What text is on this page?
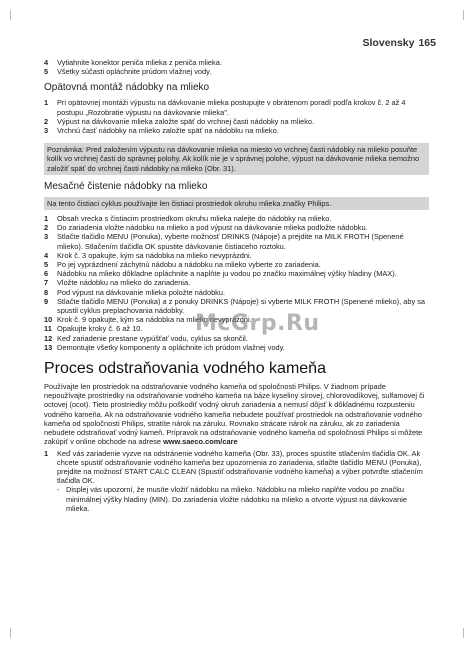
Slovensky 165
4	Vytiahnite konektor peniča mlieka z peniča mlieka.
5	Všetky súčasti opláchnite prúdom vlažnej vody.
Opätovná montáž nádobky na mlieko
1	Pri opätovnej montáži výpustu na dávkovanie mlieka postupujte v obrátenom poradí podľa krokov č. 2 až 4 postupu „Rozobratie výpustu na dávkovanie mlieka".
2	Výpust na dávkovanie mlieka založte späť do vrchnej časti nádobky na mlieko.
3	Vrchnú časť nádobky na mlieko založte späť na nádobku na mlieko.
Poznámka: Pred založením výpustu na dávkovanie mlieka na miesto vo vrchnej časti nádobky na mlieko posuňte kolík vo vrchnej časti do správnej polohy. Ak kolík nie je v správnej polohe, výpust na dávkovanie mlieka nemožno založiť späť do vrchnej časti nádobky na mlieko (Obr. 31).
Mesačné čistenie nádobky na mlieko
Na tento čistiaci cyklus používajte len čistiaci prostriedok okruhu mlieka značky Philips.
1	Obsah vrecka s čistiacim prostriedkom okruhu mlieka nalejte do nádobky na mlieko.
2	Do zariadenia vložte nádobku na mlieko a pod výpust na dávkovanie mlieka podložte nádobku.
3	Stlačte tlačidlo MENU (Ponuka), vyberte možnosť DRINKS (Nápoje) a prejdite na MILK FROTH (Spenené mlieko). Stlačením tlačidla OK spustite dávkovanie čistiaceho roztoku.
4	Krok č. 3 opakujte, kým sa nádobka na mlieko nevyprázdni.
5	Po jej vyprázdnení záchytnú nádobu a nádobku na mlieko vyberte zo zariadenia.
6	Nádobku na mlieko dôkladne opláchnite a naplňte ju vodou po značku maximálnej výšky hladiny (MAX).
7	Vložte nádobku na mlieko do zariadenia.
8	Pod výpust na dávkovanie mlieka položte nádobku.
9	Stlačte tlačidlo MENU (Ponuka) a z ponuky DRINKS (Nápoje) si vyberte MILK FROTH (Spenené mlieko), aby sa spustil cyklus preplachovania nádobky.
10 Krok č. 9 opakujte, kým sa nádobka na mlieko nevyprázdni.
11 Opakujte kroky č. 6 až 10.
12 Keď zariadenie prestane vypúšťať vodu, cyklus sa skončil.
13 Demontujte všetky komponenty a opláchnite ich prúdom vlažnej vody.
Proces odstraňovania vodného kameňa
Používajte len prostriedok na odstraňovanie vodného kameňa od spoločnosti Philips. V žiadnom prípade nepoužívajte prostriedky na odstraňovanie vodného kameňa na báze kyseliny sírovej, chlorovodíkovej, sulfamovej či octovej (ocot). Tieto prostriedky môžu poškodiť vodný okruh zariadenia a nemusí dôjsť k dôkladnému rozpusteniu vodného kameňa. Ak na odstraňovanie vodného kameňa nebudete používať prostriedok na odstraňovanie vodného kameňa od spoločnosti Philips, stratíte nárok na záruku. Rovnako strácate nárok na záruku, ak zo zariadenia nebudete odstraňovať vodný kameň. Prípravok na odstraňovanie vodného kameňa od spoločnosti Philips si môžete zakúpiť v online obchode na adrese www.saeco.com/care
1	Keď vás zariadenie vyzve na odstránenie vodného kameňa (Obr. 33), proces spustíte stlačením tlačidla OK. Ak chcete spustiť odstraňovanie vodného kameňa bez upozornenia zo zariadenia, stlačte tlačidlo MENU (Ponuka), prejdite na možnosť START CALC CLEAN (Spustiť odstraňovanie vodného kameňa) a výber potvrďte stlačením tlačidla OK.
- Displej vás upozorní, že musíte vložiť nádobku na mlieko. Nádobku na mlieko naplňte vodou po značku minimálnej výšky hladiny (MIN). Do zariadenia vložte nádobku na mlieko a otvorte výpust na dávkovanie mlieka.
McGrp.Ru
